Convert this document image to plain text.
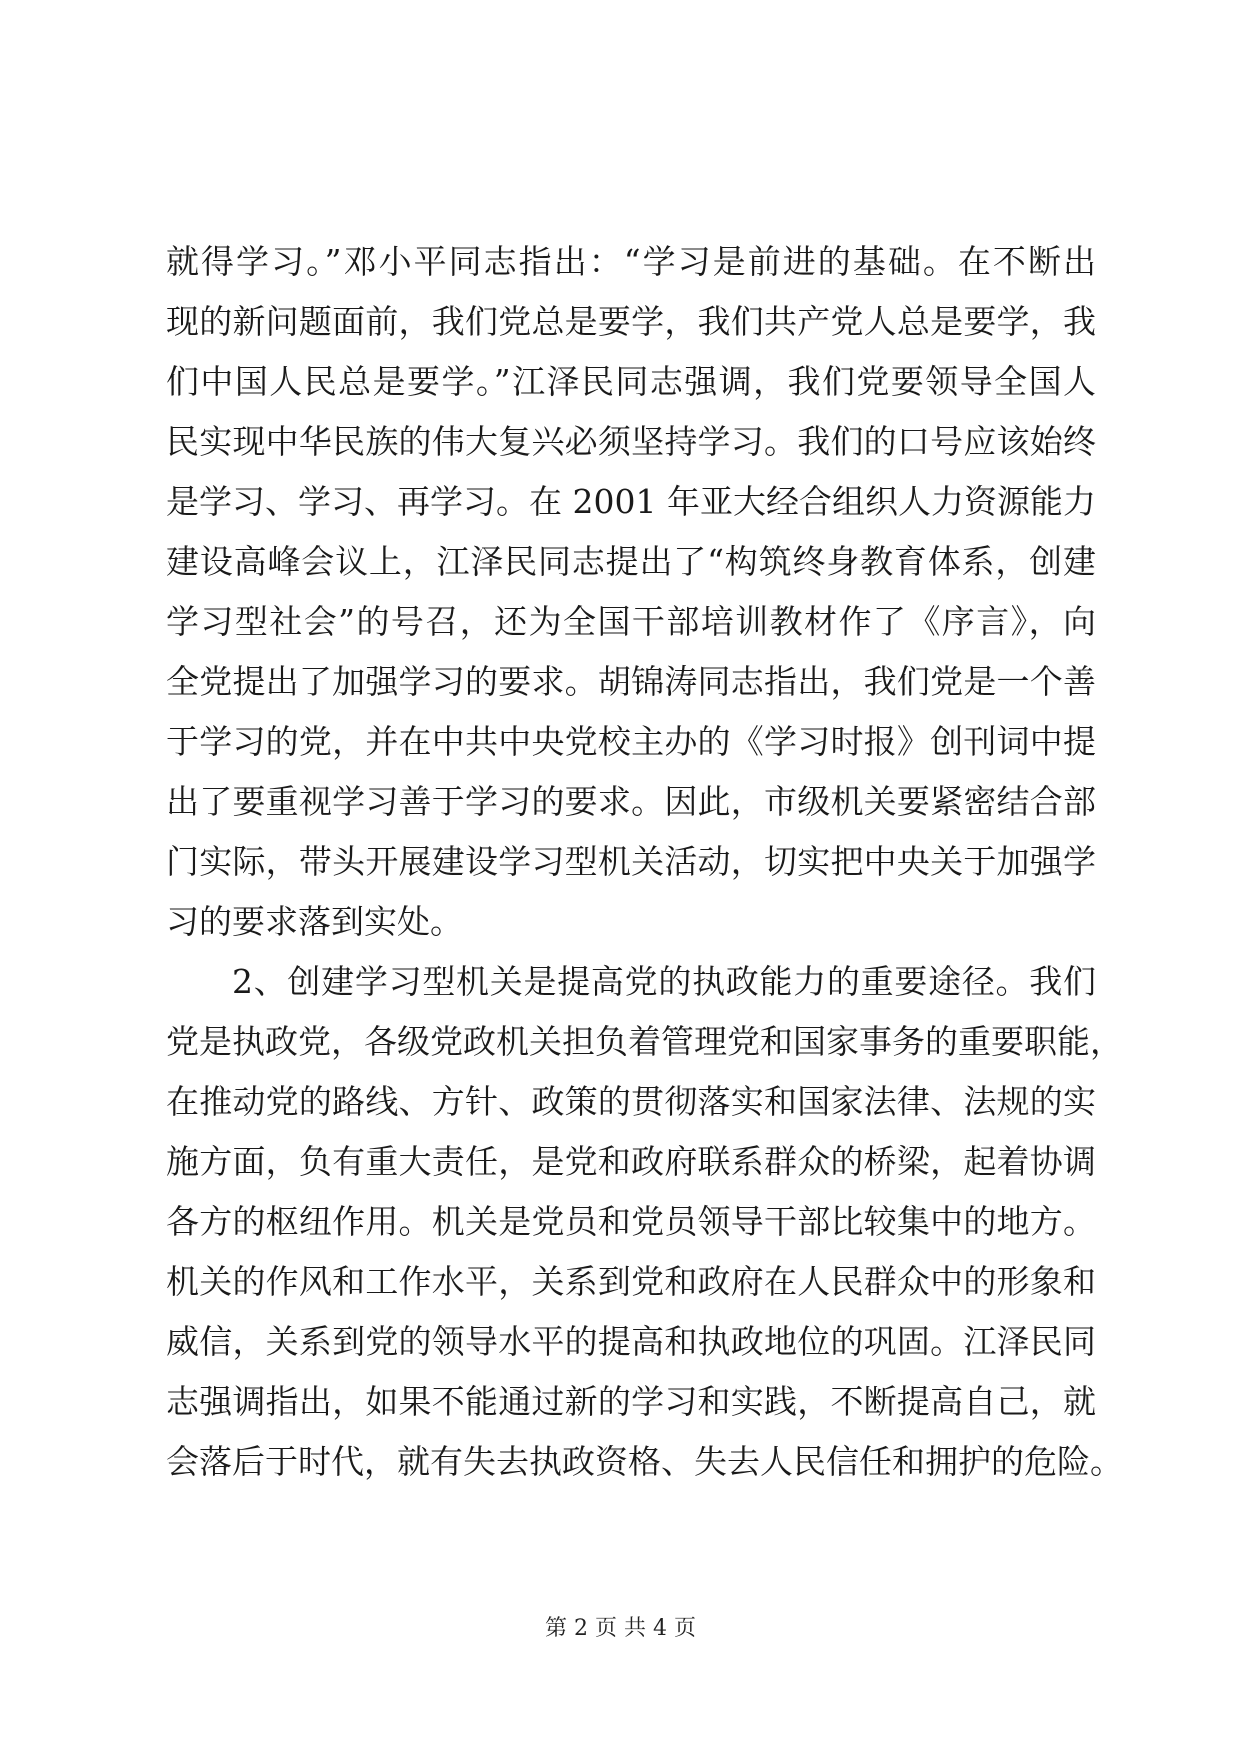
就得学习。”邓小平同志指出：“学习是前进的基础。在不断出
现的新问题面前，我们党总是要学，我们共产党人总是要学，我
们中国人民总是要学。”江泽民同志强调，我们党要领导全国人
民实现中华民族的伟大复兴必须坚持学习。我们的口号应该始终
是学习、学习、再学习。在 2001 年亚大经合组织人力资源能力
建设高峰会议上，江泽民同志提出了“构筑终身教育体系，创建
学习型社会”的号召，还为全国干部培训教材作了《序言》，向
全党提出了加强学习的要求。胡锦涛同志指出，我们党是一个善
于学习的党，并在中共中央党校主办的《学习时报》创刊词中提
出了要重视学习善于学习的要求。因此，市级机关要紧密结合部
门实际，带头开展建设学习型机关活动，切实把中央关于加强学
习的要求落到实处。
2、创建学习型机关是提高党的执政能力的重要途径。我们
党是执政党，各级党政机关担负着管理党和国家事务的重要职能，
在推动党的路线、方针、政策的贯彻落实和国家法律、法规的实
施方面，负有重大责任，是党和政府联系群众的桥梁，起着协调
各方的枢纽作用。机关是党员和党员领导干部比较集中的地方。
机关的作风和工作水平，关系到党和政府在人民群众中的形象和
威信，关系到党的领导水平的提高和执政地位的巩固。江泽民同
志强调指出，如果不能通过新的学习和实践，不断提高自己，就
会落后于时代，就有失去执政资格、失去人民信任和拥护的危险。
第 2 页 共 4 页
